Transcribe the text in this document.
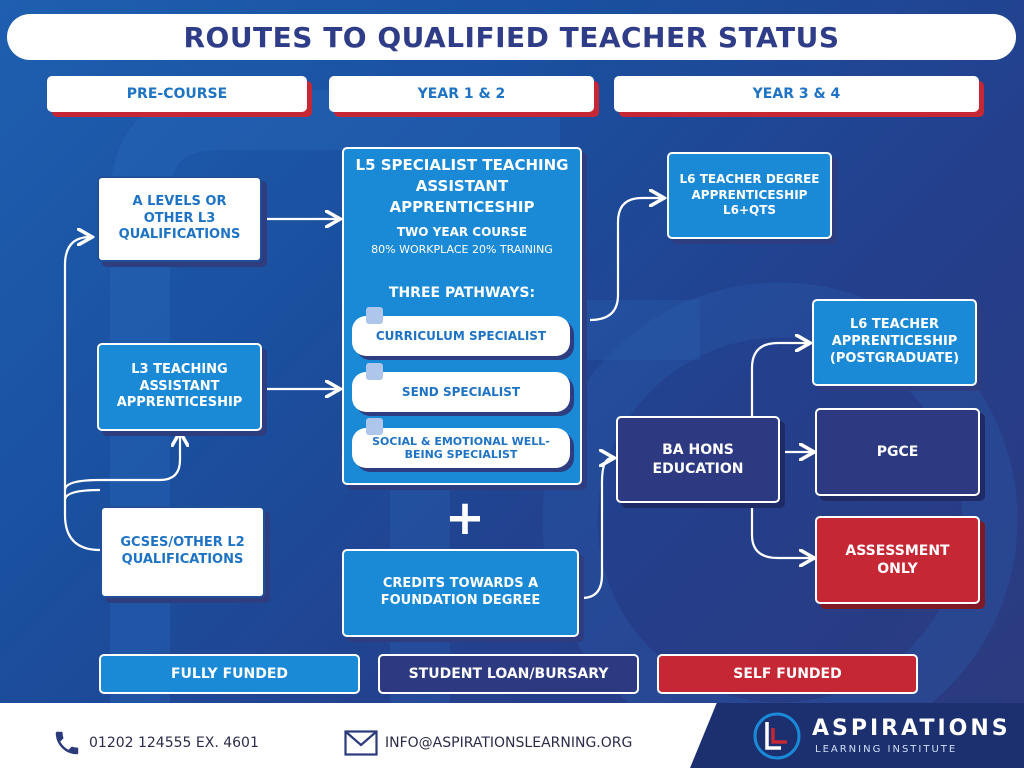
ROUTES TO QUALIFIED TEACHER STATUS
PRE-COURSE	YEAR 1 & 2	YEAR 3 & 4
A LEVELS OR OTHER L3 QUALIFICATIONS
L3 TEACHING ASSISTANT APPRENTICESHIP
GCSES/OTHER L2 QUALIFICATIONS
L5 SPECIALIST TEACHING ASSISTANT APPRENTICESHIP
TWO YEAR COURSE
80% WORKPLACE 20% TRAINING
THREE PATHWAYS:
CURRICULUM SPECIALIST
SEND SPECIALIST
SOCIAL & EMOTIONAL WELL-BEING SPECIALIST
+
CREDITS TOWARDS A FOUNDATION DEGREE
L6 TEACHER DEGREE APPRENTICESHIP L6+QTS
L6 TEACHER APPRENTICESHIP (POSTGRADUATE)
BA HONS EDUCATION
PGCE
ASSESSMENT ONLY
FULLY FUNDED	STUDENT LOAN/BURSARY	SELF FUNDED
01202 124555 EX. 4601	INFO@ASPIRATIONSLEARNING.ORG
ASPIRATIONS
LEARNING INSTITUTE
